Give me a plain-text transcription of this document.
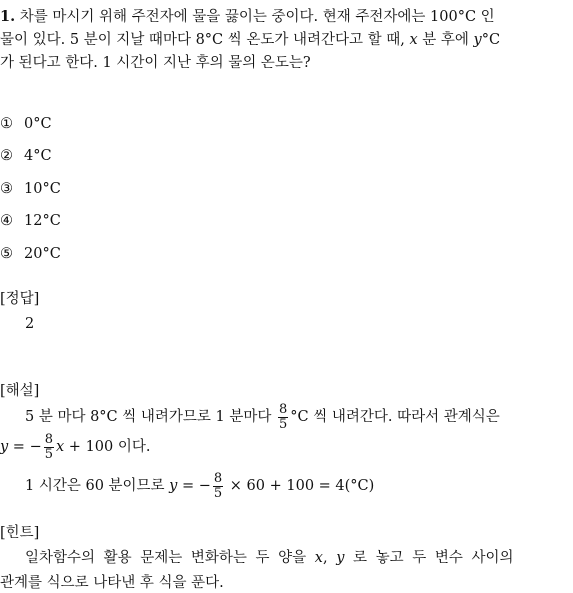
1. 차를 마시기 위해 주전자에 물을 끓이는 중이다. 현재 주전자에는 100°C 인
물이 있다. 5 분이 지날 때마다 8°C 씩 온도가 내려간다고 할 때, x 분 후에 y°C
가 된다고 한다. 1 시간이 지난 후의 물의 온도는?
① 0°C
② 4°C
③ 10°C
④ 12°C
⑤ 20°C
[정답]
2
[해설]
5 분 마다 8°C 씩 내려가므로 1 분마다 $\frac{8}{5} ^\circ C$ 씩 내려간다. 따라서 관계식은
y = − $\frac{8}{5}$ x + 100 이다.
1 시간은 60 분이므로 y = − $\frac{8}{5} \times 60 + 100 = 4(^\circ C)$
[힌트]
일차함수의 활용 문제는 변화하는 두 양을 x, y 로 놓고 두 변수 사이의
관계를 식으로 나타낸 후 식을 푼다.
